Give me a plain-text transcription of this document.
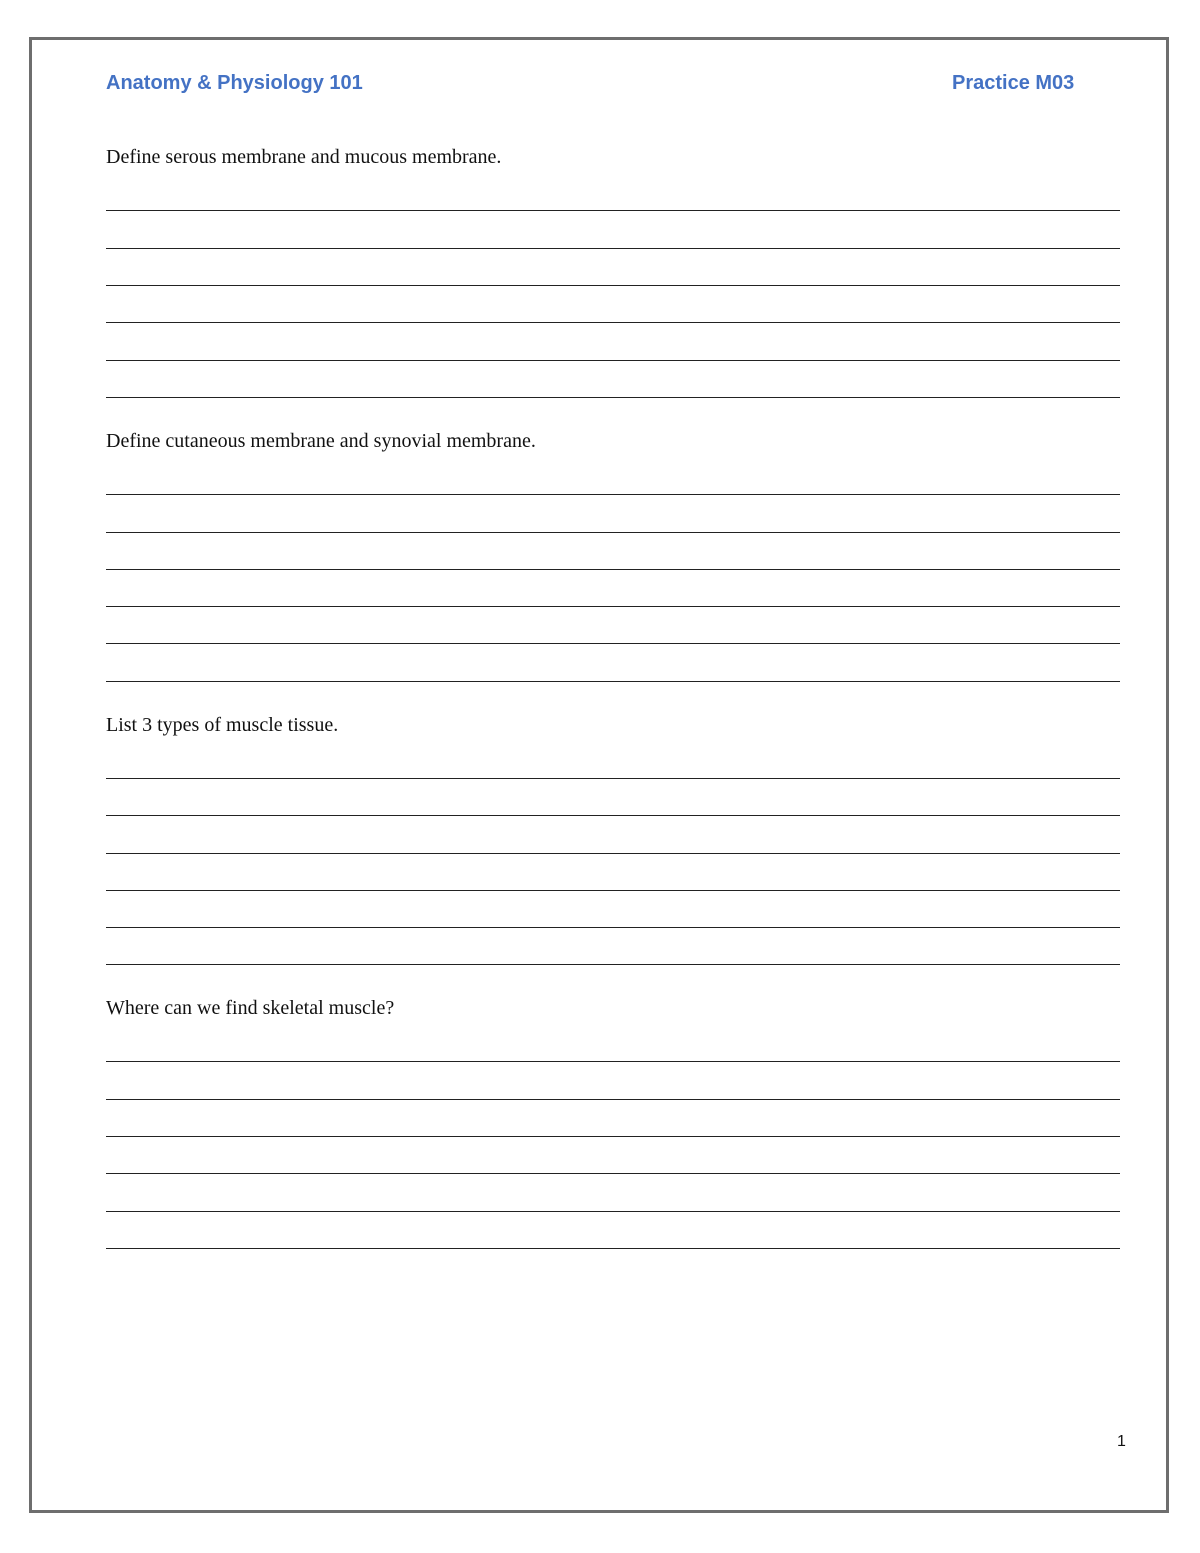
Anatomy & Physiology 101	Practice M03
Define serous membrane and mucous membrane.
Define cutaneous membrane and synovial membrane.
List 3 types of muscle tissue.
Where can we find skeletal muscle?
1
